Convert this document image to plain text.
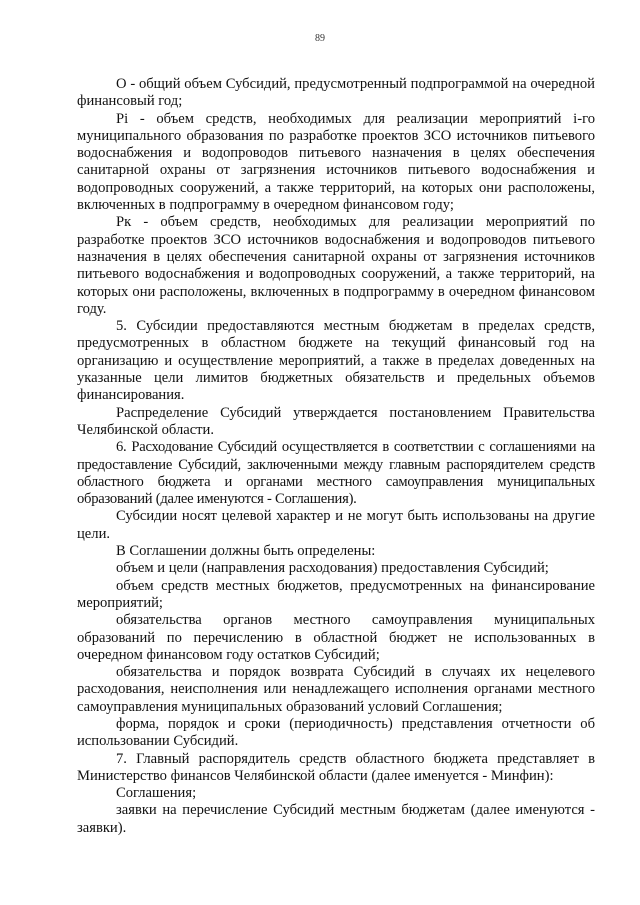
89

О - общий объем Субсидий, предусмотренный подпрограммой на очередной финансовый год;

Pi - объем средств, необходимых для реализации мероприятий i-го муниципального образования по разработке проектов ЗСО источников питьевого водоснабжения и водопроводов питьевого назначения в целях обеспечения санитарной охраны от загрязнения источников питьевого водоснабжения и водопроводных сооружений, а также территорий, на которых они расположены, включенных в подпрограмму в очередном финансовом году;

Рк - объем средств, необходимых для реализации мероприятий по разработке проектов ЗСО источников водоснабжения и водопроводов питьевого назначения в целях обеспечения санитарной охраны от загрязнения источников питьевого водоснабжения и водопроводных сооружений, а также территорий, на которых они расположены, включенных в подпрограмму в очередном финансовом году.

5. Субсидии предоставляются местным бюджетам в пределах средств, предусмотренных в областном бюджете на текущий финансовый год на организацию и осуществление мероприятий, а также в пределах доведенных на указанные цели лимитов бюджетных обязательств и предельных объемов финансирования.

Распределение Субсидий утверждается постановлением Правительства Челябинской области.

6. Расходование Субсидий осуществляется в соответствии с соглашениями на предоставление Субсидий, заключенными между главным распорядителем средств областного бюджета и органами местного самоуправления муниципальных образований (далее именуются - Соглашения).

Субсидии носят целевой характер и не могут быть использованы на другие цели.

В Соглашении должны быть определены:

объем и цели (направления расходования) предоставления Субсидий;

объем средств местных бюджетов, предусмотренных на финансирование мероприятий;

обязательства органов местного самоуправления муниципальных образований по перечислению в областной бюджет не использованных в очередном финансовом году остатков Субсидий;

обязательства и порядок возврата Субсидий в случаях их нецелевого расходования, неисполнения или ненадлежащего исполнения органами местного самоуправления муниципальных образований условий Соглашения;

форма, порядок и сроки (периодичность) представления отчетности об использовании Субсидий.

7. Главный распорядитель средств областного бюджета представляет в Министерство финансов Челябинской области (далее именуется - Минфин):

Соглашения;

заявки на перечисление Субсидий местным бюджетам (далее именуются - заявки).
